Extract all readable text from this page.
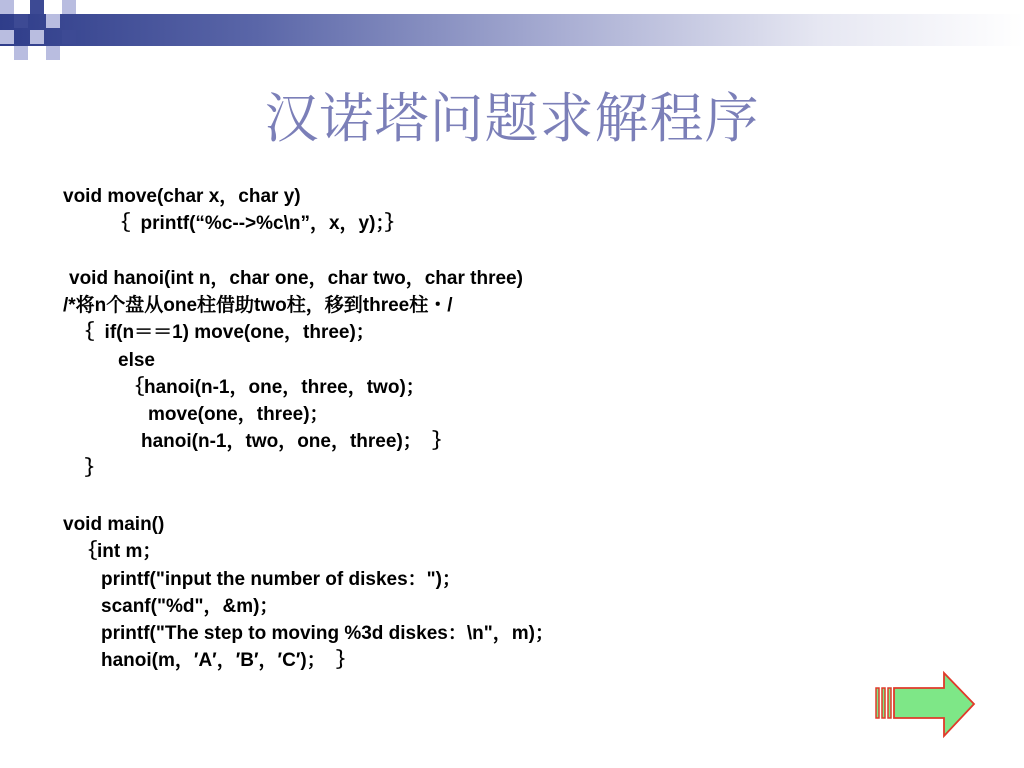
汉诺塔问题求解程序
void move(char x，char y)
｛  printf(“%c-->%c\n”，x，y)；｝
void hanoi(int n，char one，char two，char three)
/*将n个盘从one柱借助two柱，移到three柱・/
｛  if(n＝＝1) move(one，three)；
else
｛hanoi(n-1，one，three，two)；
move(one，three)；
hanoi(n-1，two，one，three)；  ｝
｝
void main()
｛int m；
printf("input the number of diskes：")；
scanf("%d"，&m)；
printf("The step to moving %3d diskes：\n"，m)；
hanoi(m，′A′，′B′，′C′)；  ｝
